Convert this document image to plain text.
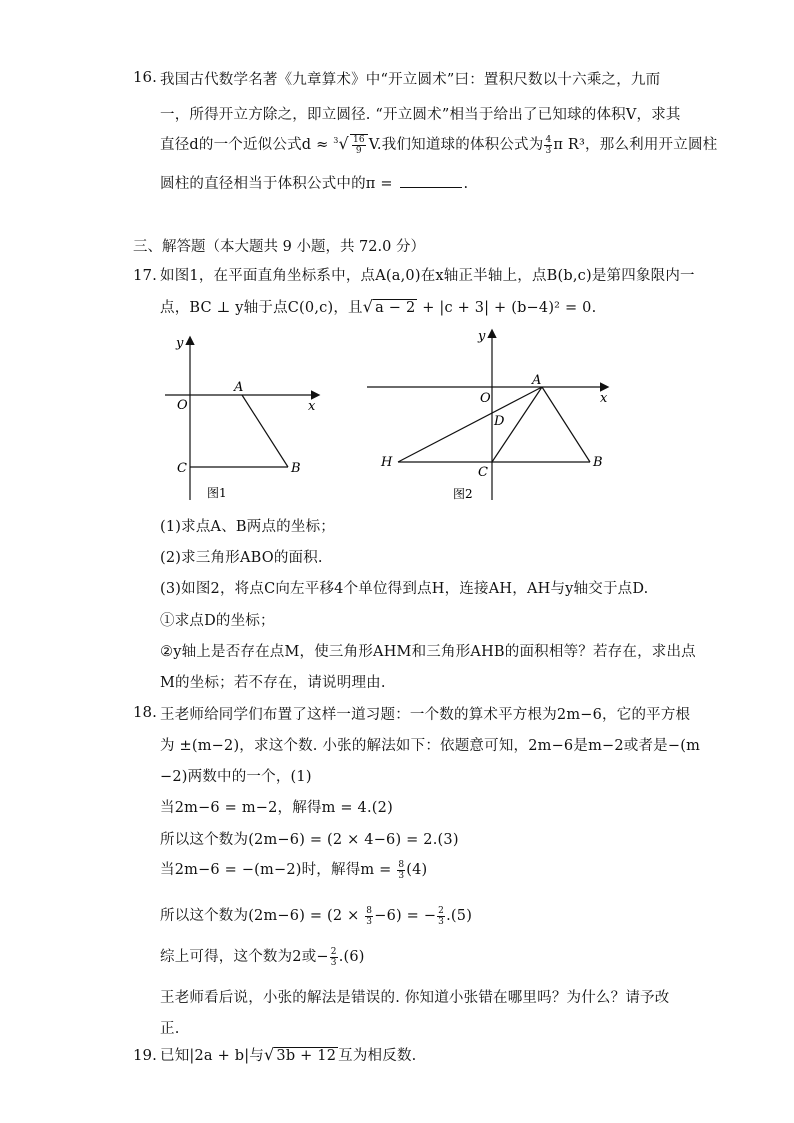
16. 我国古代数学名著《九章算术》中“开立圆术”曰：置积尺数以十六乘之，九而
一，所得开立方除之，即立圆径. “开立圆术”相当于给出了已知球的体积V，求其
直径d的一个近似公式$d \approx ^3√ \frac{16}{9} V$.我们知道球的体积公式为 $\frac{4}{3}$ π R³，那么利用开立圆柱
圆柱的直径相当于体积公式中的π =	.
三、解答题（本大题共 9 小题，共 72.0 分）
17. 如图1，在平面直角坐标系中，点A(a,0)在x轴正半轴上，点B(b,c)是第四象限内一
点，BC ⊥ y轴于点C(0,c)，且√ a − 2 + |c + 3| + (b−4)² = 0.
y
x
O
A
B
C
图1
y
x
O
A
B
C
D
H
图2
(1)求点A、B两点的坐标；
(2)求三角形ABO的面积.
(3)如图2，将点C向左平移4个单位得到点H，连接AH，AH与y轴交于点D.
①求点D的坐标；
②y轴上是否存在点M，使三角形AHM和三角形AHB的面积相等？若存在，求出点
M的坐标；若不存在，请说明理由.
18. 王老师给同学们布置了这样一道习题：一个数的算术平方根为2m−6，它的平方根
为 ±(m−2)，求这个数. 小张的解法如下：依题意可知，2m−6是m−2或者是−(m
−2)两数中的一个，(1)
当2m−6 = m−2，解得m = 4.(2)
所以这个数为(2m−6) = (2 × 4−6) = 2.(3)
当2m−6 = −(m−2)时，解得$m = \frac{8}{3} (4)$
所以这个数为$(2m-6) = (2 \times \frac{8}{3} -6)$ = − $\frac{2}{3} .(5)$
综上可得，这个数为2或− $\frac{2}{3} .(6)$
王老师看后说，小张的解法是错误的. 你知道小张错在哪里吗？为什么？请予改
正.
19. 已知|2a + b|与√ 3b + 12 互为相反数.
